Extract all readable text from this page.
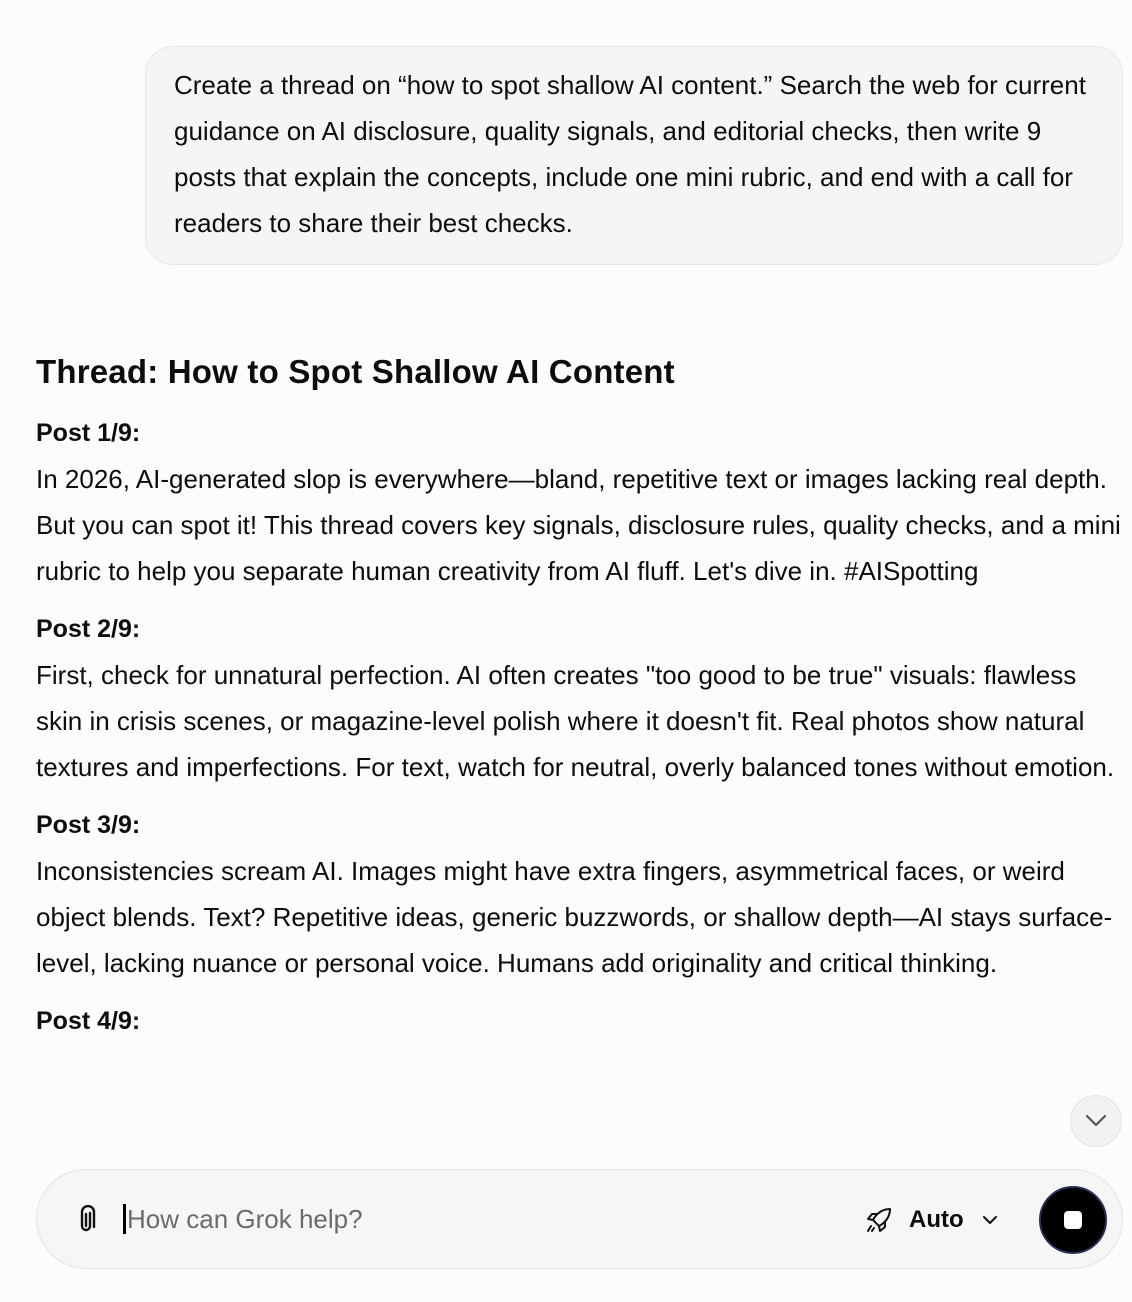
Create a thread on “how to spot shallow AI content.” Search the web for current guidance on AI disclosure, quality signals, and editorial checks, then write 9 posts that explain the concepts, include one mini rubric, and end with a call for readers to share their best checks.
Thread: How to Spot Shallow AI Content
Post 1/9:
In 2026, AI-generated slop is everywhere—bland, repetitive text or images lacking real depth. But you can spot it! This thread covers key signals, disclosure rules, quality checks, and a mini rubric to help you separate human creativity from AI fluff. Let's dive in. #AISpotting
Post 2/9:
First, check for unnatural perfection. AI often creates "too good to be true" visuals: flawless skin in crisis scenes, or magazine-level polish where it doesn't fit. Real photos show natural textures and imperfections. For text, watch for neutral, overly balanced tones without emotion.
Post 3/9:
Inconsistencies scream AI. Images might have extra fingers, asymmetrical faces, or weird object blends. Text? Repetitive ideas, generic buzzwords, or shallow depth—AI stays surface-level, lacking nuance or personal voice. Humans add originality and critical thinking.
Post 4/9:
How can Grok help?
Auto
